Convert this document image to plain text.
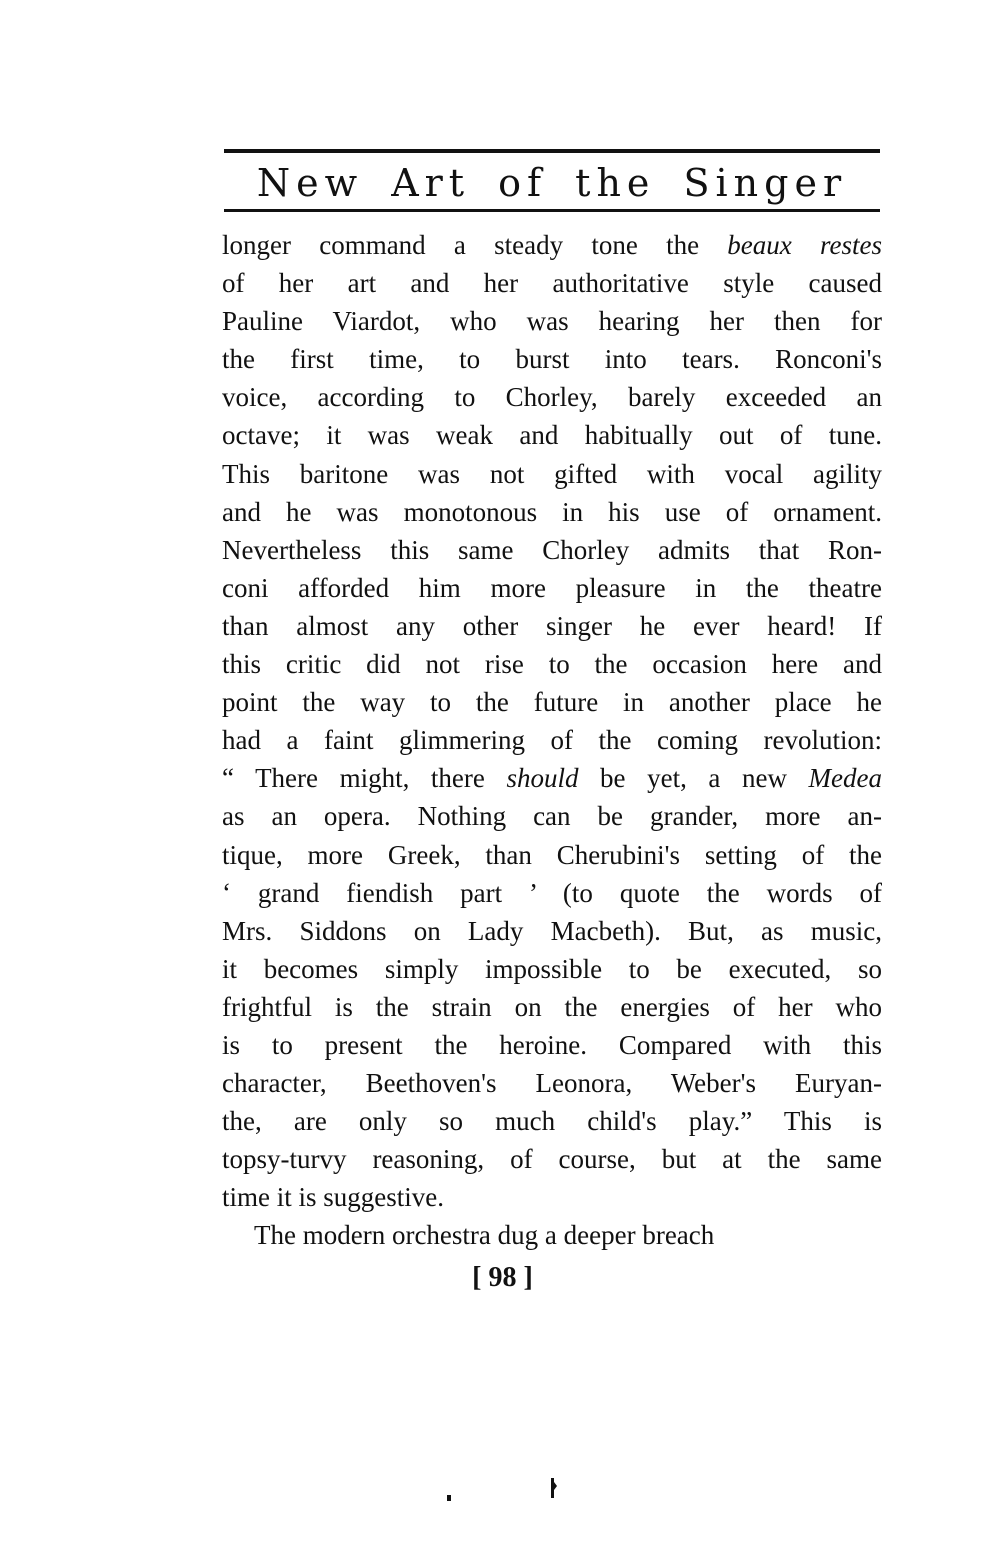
New Art of the Singer
longer command a steady tone the beaux restes
of her art and her authoritative style caused
Pauline Viardot, who was hearing her then for
the first time, to burst into tears. Ronconi's
voice, according to Chorley, barely exceeded an
octave; it was weak and habitually out of tune.
This baritone was not gifted with vocal agility
and he was monotonous in his use of ornament.
Nevertheless this same Chorley admits that Ron-
coni afforded him more pleasure in the theatre
than almost any other singer he ever heard! If
this critic did not rise to the occasion here and
point the way to the future in another place he
had a faint glimmering of the coming revolution:
“ There might, there should be yet, a new Medea
as an opera. Nothing can be grander, more an-
tique, more Greek, than Cherubini's setting of the
‘ grand fiendish part ’ (to quote the words of
Mrs. Siddons on Lady Macbeth). But, as music,
it becomes simply impossible to be executed, so
frightful is the strain on the energies of her who
is to present the heroine. Compared with this
character, Beethoven's Leonora, Weber's Euryan-
the, are only so much child's play.” This is
topsy-turvy reasoning, of course, but at the same
time it is suggestive.
The modern orchestra dug a deeper breach
[ 98 ]
